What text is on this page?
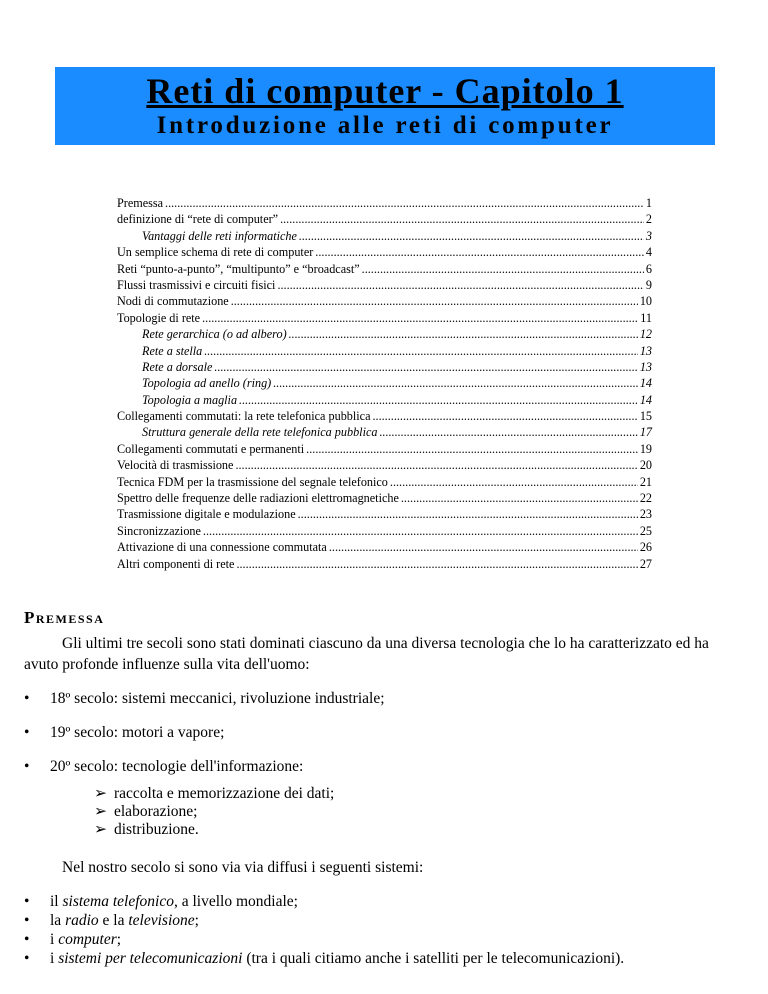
Reti di computer - Capitolo 1
Introduzione alle reti di computer
Premessa .....	1
definizione di “rete di computer” .....	2
Vantaggi delle reti informatiche .....	3
Un semplice schema di rete di computer .....	4
Reti “punto-a-punto”, “multipunto” e “broadcast” .....	6
Flussi trasmissivi e circuiti fisici .....	9
Nodi di commutazione .....	10
Topologie di rete .....	11
Rete gerarchica (o ad albero) .....	12
Rete a stella .....	13
Rete a dorsale .....	13
Topologia ad anello (ring) .....	14
Topologia a maglia .....	14
Collegamenti commutati: la rete telefonica pubblica .....	15
Struttura generale della rete telefonica pubblica .....	17
Collegamenti commutati e permanenti .....	19
Velocità di trasmissione .....	20
Tecnica FDM per la trasmissione del segnale telefonico .....	21
Spettro delle frequenze delle radiazioni elettromagnetiche .....	22
Trasmissione digitale e modulazione .....	23
Sincronizzazione .....	25
Attivazione di una connessione commutata .....	26
Altri componenti di rete .....	27
Premessa

Gli ultimi tre secoli sono stati dominati ciascuno da una diversa tecnologia che lo ha caratterizzato ed ha avuto profonde influenze sulla vita dell'uomo:

• 18º secolo: sistemi meccanici, rivoluzione industriale;
• 19º secolo: motori a vapore;
• 20º secolo: tecnologie dell'informazione:
➢ raccolta e memorizzazione dei dati;
➢ elaborazione;
➢ distribuzione.

Nel nostro secolo si sono via via diffusi i seguenti sistemi:

• il sistema telefonico, a livello mondiale;
• la radio e la televisione;
• i computer;
• i sistemi per telecomunicazioni (tra i quali citiamo anche i satelliti per le telecomunicazioni).
